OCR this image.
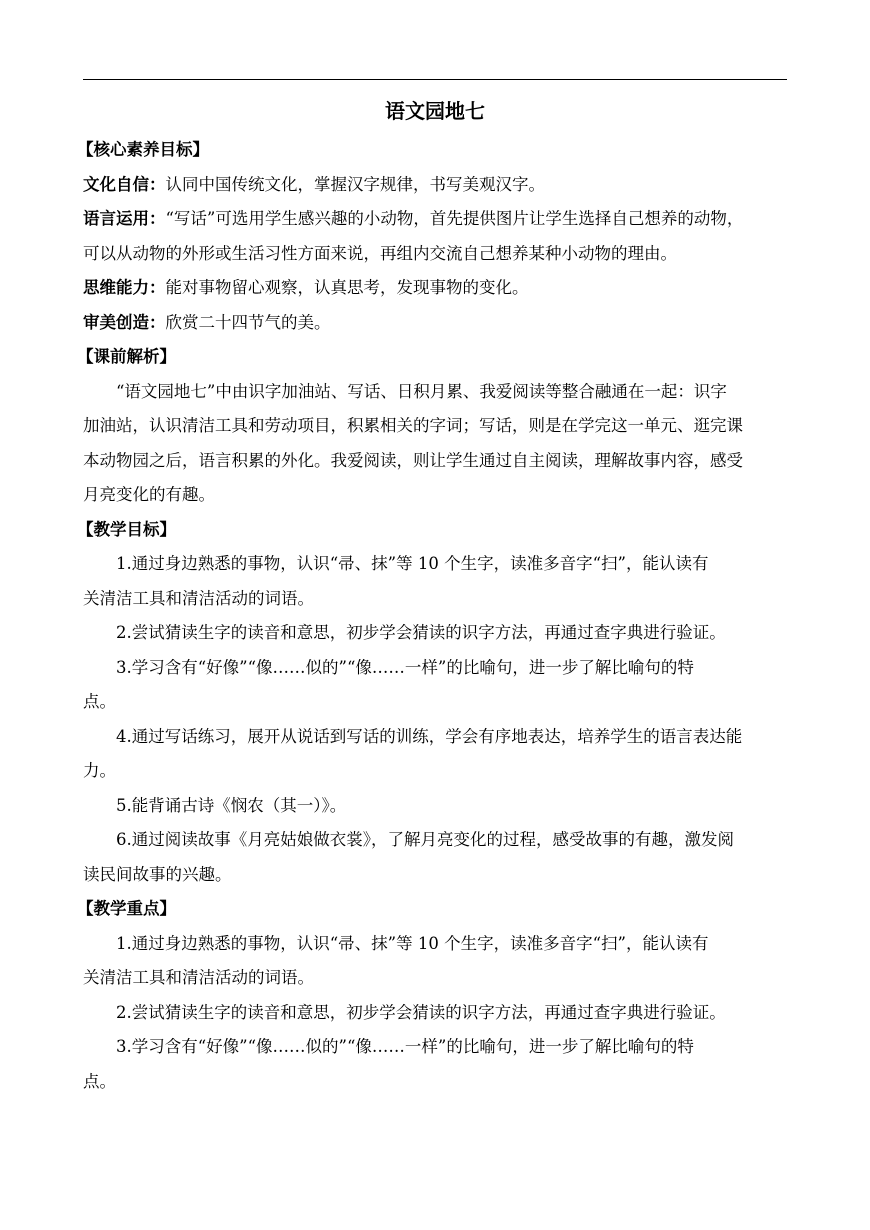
语文园地七

【核心素养目标】

文化自信：认同中国传统文化，掌握汉字规律，书写美观汉字。

语言运用：“写话”可选用学生感兴趣的小动物，首先提供图片让学生选择自己想养的动物，
可以从动物的外形或生活习性方面来说，再组内交流自己想养某种小动物的理由。

思维能力：能对事物留心观察，认真思考，发现事物的变化。

审美创造：欣赏二十四节气的美。

【课前解析】

“语文园地七”中由识字加油站、写话、日积月累、我爱阅读等整合融通在一起：识字
加油站，认识清洁工具和劳动项目，积累相关的字词；写话，则是在学完这一单元、逛完课
本动物园之后，语言积累的外化。我爱阅读，则让学生通过自主阅读，理解故事内容，感受
月亮变化的有趣。

【教学目标】

1.通过身边熟悉的事物，认识“帚、抹”等 10 个生字，读准多音字“扫”，能认读有
关清洁工具和清洁活动的词语。

2.尝试猜读生字的读音和意思，初步学会猜读的识字方法，再通过查字典进行验证。

3.学习含有“好像”“像……似的”“像……一样”的比喻句，进一步了解比喻句的特
点。

4.通过写话练习，展开从说话到写话的训练，学会有序地表达，培养学生的语言表达能
力。

5.能背诵古诗《悯农（其一）》。

6.通过阅读故事《月亮姑娘做衣裳》，了解月亮变化的过程，感受故事的有趣，激发阅
读民间故事的兴趣。

【教学重点】

1.通过身边熟悉的事物，认识“帚、抹”等 10 个生字，读准多音字“扫”，能认读有
关清洁工具和清洁活动的词语。

2.尝试猜读生字的读音和意思，初步学会猜读的识字方法，再通过查字典进行验证。

3.学习含有“好像”“像……似的”“像……一样”的比喻句，进一步了解比喻句的特
点。
